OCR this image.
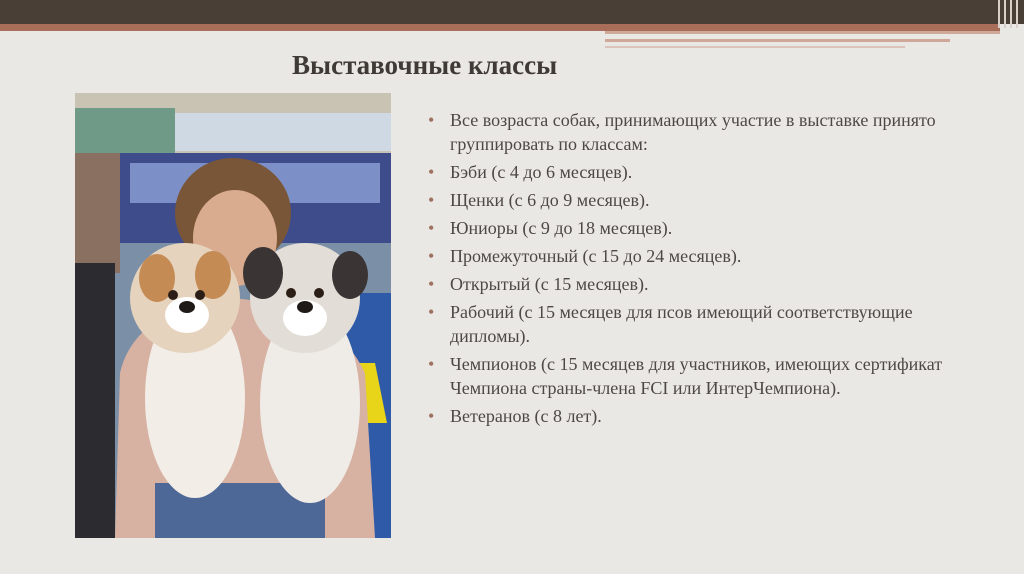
Выставочные классы
• Все возраста собак, принимающих участие в выставке принято группировать по классам:
• Бэби (с 4 до 6 месяцев).
• Щенки (с 6 до 9 месяцев).
• Юниоры (с 9 до 18 месяцев).
• Промежуточный (с 15 до 24 месяцев).
• Открытый (с 15 месяцев).
• Рабочий (с 15 месяцев для псов имеющий соответствующие дипломы).
• Чемпионов (с 15 месяцев для участников, имеющих сертификат Чемпиона страны-члена FCI или ИнтерЧемпиона).
• Ветеранов (с 8 лет).
